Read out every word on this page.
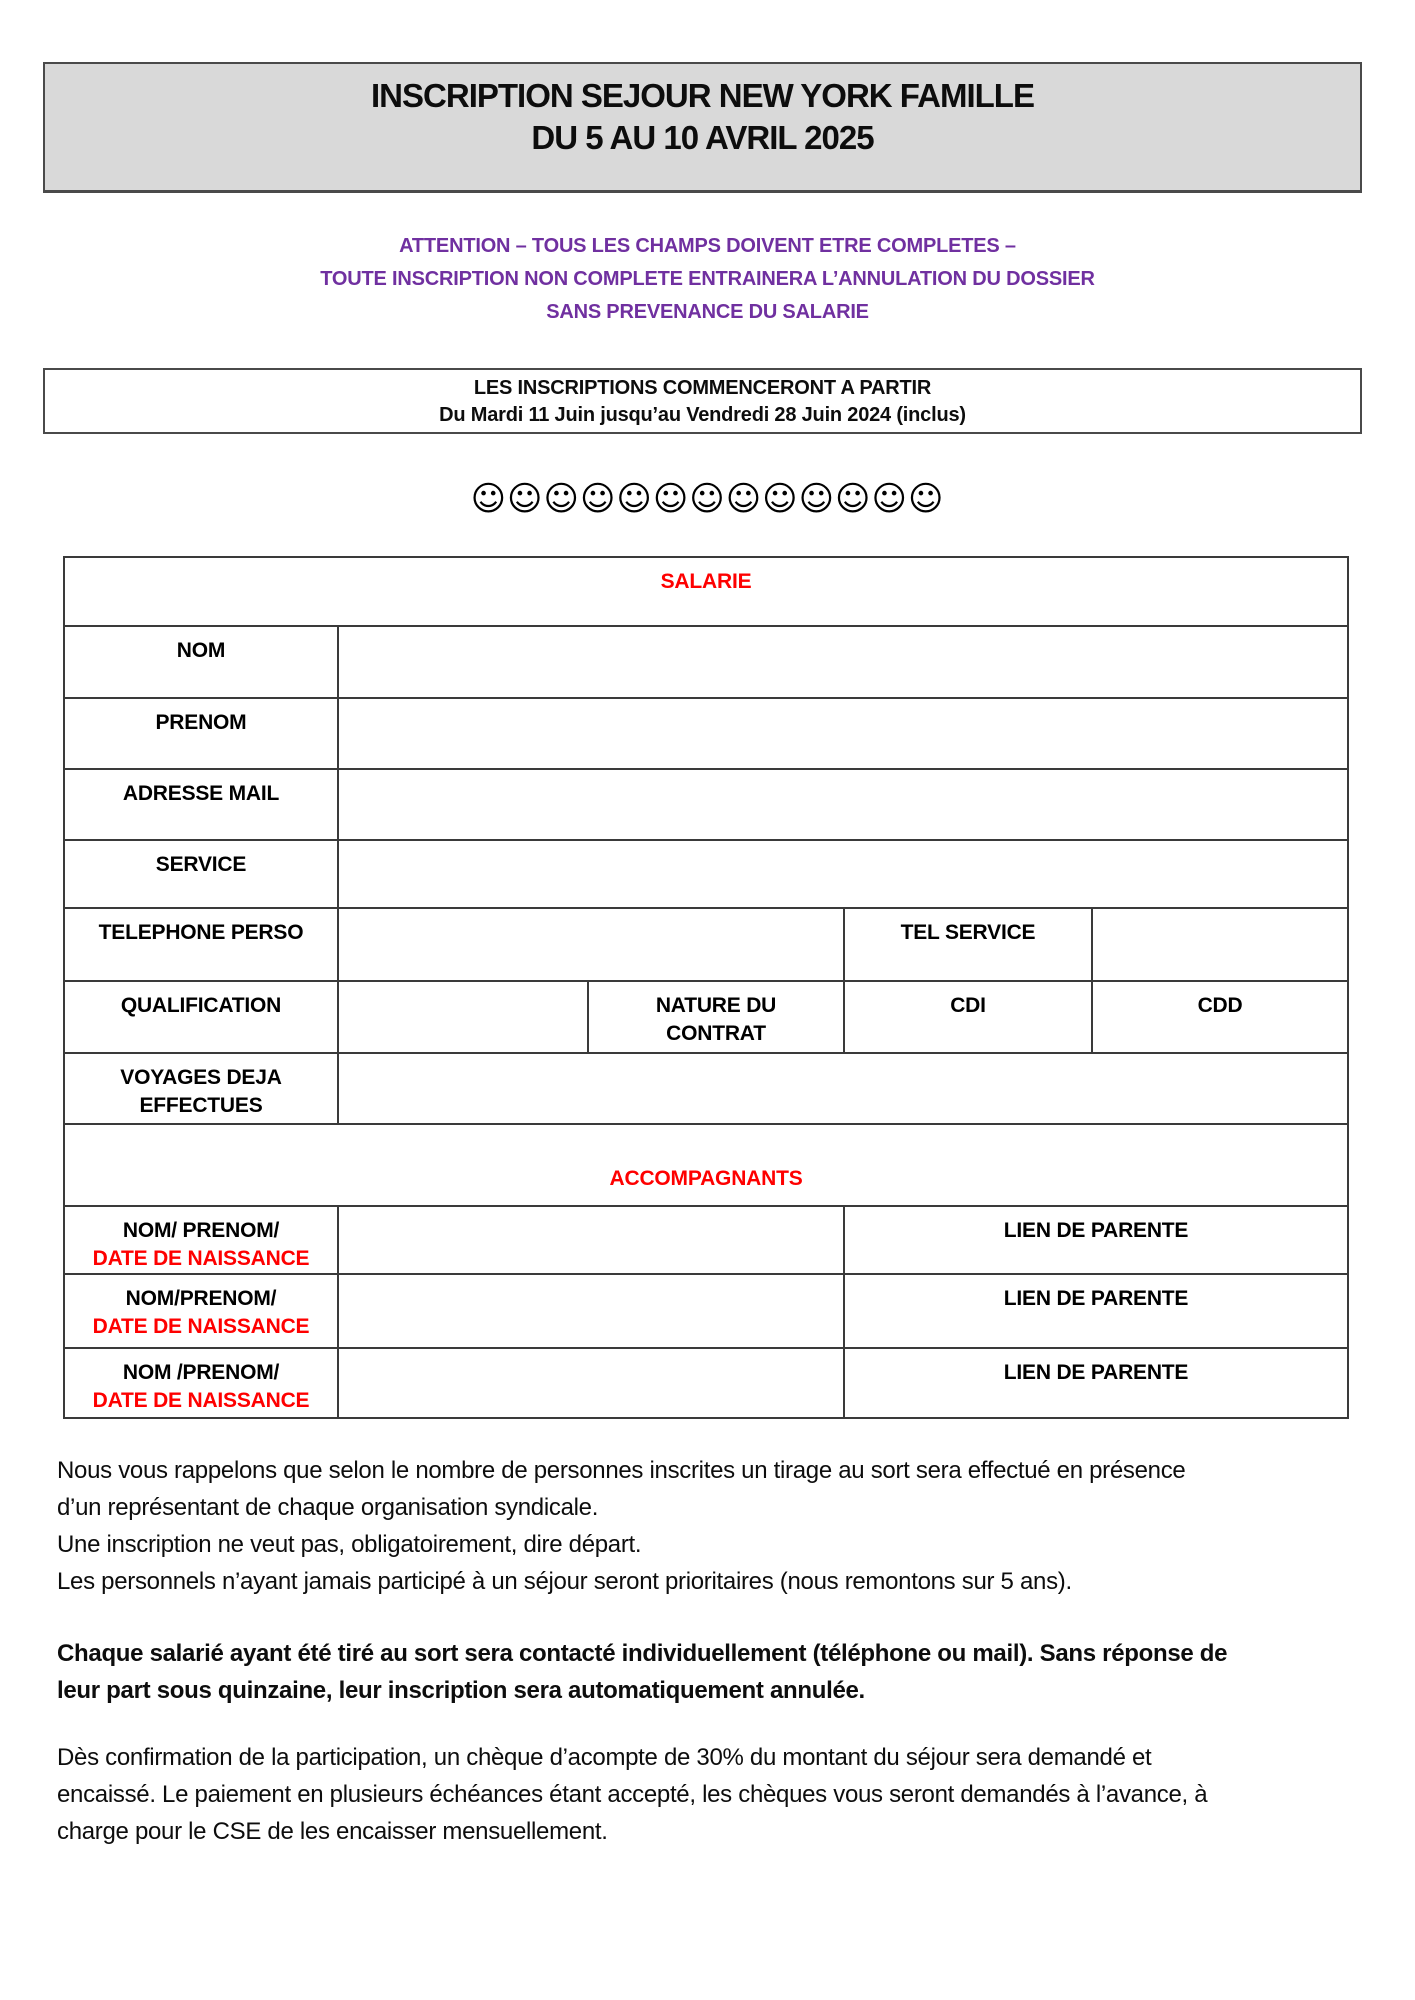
INSCRIPTION SEJOUR NEW YORK FAMILLE
DU 5 AU 10 AVRIL 2025
ATTENTION – TOUS LES CHAMPS DOIVENT ETRE COMPLETES –
TOUTE INSCRIPTION NON COMPLETE ENTRAINERA L’ANNULATION DU DOSSIER
SANS PREVENANCE DU SALARIE
LES INSCRIPTIONS COMMENCERONT A PARTIR
Du Mardi 11 Juin jusqu’au Vendredi 28 Juin 2024 (inclus)
☺☺☺☺☺☺☺☺☺☺☺☺☺
SALARIE				
NOM				
PRENOM				
ADRESSE MAIL				
SERVICE				
TELEPHONE PERSO			TEL SERVICE	
QUALIFICATION		NATURE DU CONTRAT	CDI	CDD
VOYAGES DEJA EFFECTUES				
ACCOMPAGNANTS				

NOM/ PRENOM/
DATE DE NAISSANCE			LIEN DE PARENTE	

NOM/PRENOM/
DATE DE NAISSANCE			LIEN DE PARENTE	

NOM /PRENOM/
DATE DE NAISSANCE			LIEN DE PARENTE	
Nous vous rappelons que selon le nombre de personnes inscrites un tirage au sort sera effectué en présence
d’un représentant de chaque organisation syndicale.
Une inscription ne veut pas, obligatoirement, dire départ.
Les personnels n’ayant jamais participé à un séjour seront prioritaires (nous remontons sur 5 ans).
Chaque salarié ayant été tiré au sort sera contacté individuellement (téléphone ou mail). Sans réponse de
leur part sous quinzaine, leur inscription sera automatiquement annulée.
Dès confirmation de la participation, un chèque d’acompte de 30% du montant du séjour sera demandé et
encaissé. Le paiement en plusieurs échéances étant accepté, les chèques vous seront demandés à l’avance, à
charge pour le CSE de les encaisser mensuellement.
